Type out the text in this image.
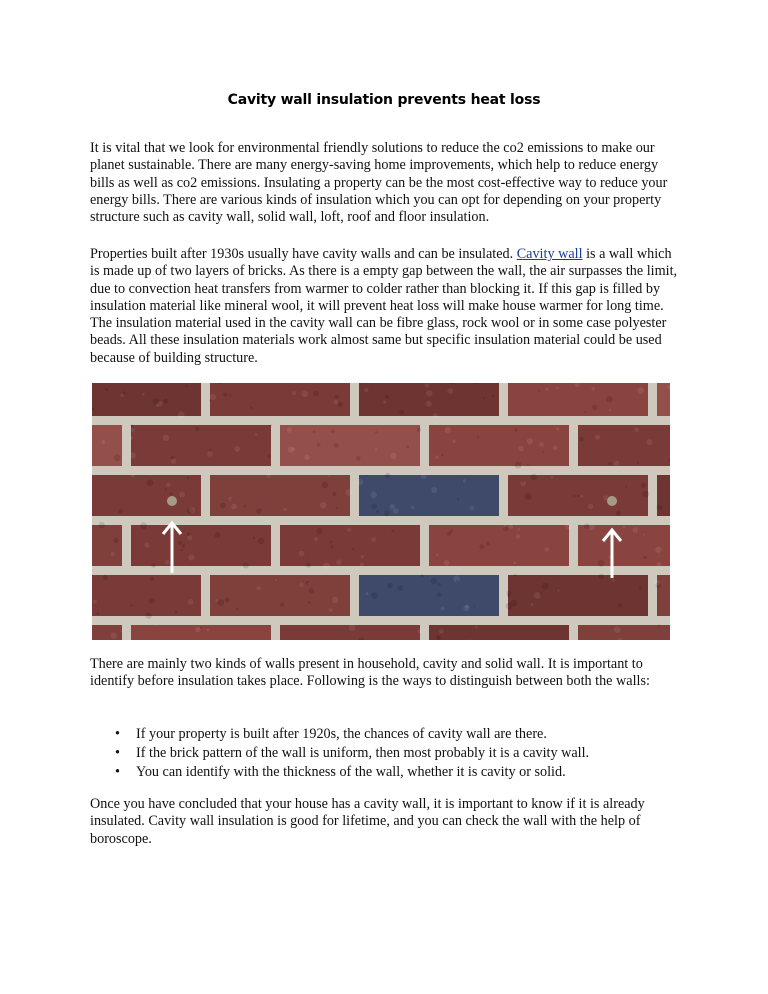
Cavity wall insulation prevents heat loss

It is vital that we look for environmental friendly solutions to reduce the co2 emissions to make our planet sustainable. There are many energy-saving home improvements, which help to reduce energy bills as well as co2 emissions. Insulating a property can be the most cost-effective way to reduce your energy bills. There are various kinds of insulation which you can opt for depending on your property structure such as cavity wall, solid wall, loft, roof and floor insulation.

Properties built after 1930s usually have cavity walls and can be insulated. Cavity wall is a wall which is made up of two layers of bricks. As there is a empty gap between the wall, the air surpasses the limit, due to convection heat transfers from warmer to colder rather than blocking it. If this gap is filled by insulation material like mineral wool, it will prevent heat loss will make house warmer for long time. The insulation material used in the cavity wall can be fibre glass, rock wool or in some case polyester beads. All these insulation materials work almost same but specific insulation material could be used because of building structure.

There are mainly two kinds of walls present in household, cavity and solid wall. It is important to identify before insulation takes place. Following is the ways to distinguish between both the walls:

• If your property is built after 1920s, the chances of cavity wall are there.
• If the brick pattern of the wall is uniform, then most probably it is a cavity wall.
• You can identify with the thickness of the wall, whether it is cavity or solid.

Once you have concluded that your house has a cavity wall, it is important to know if it is already insulated. Cavity wall insulation is good for lifetime, and you can check the wall with the help of boroscope.
